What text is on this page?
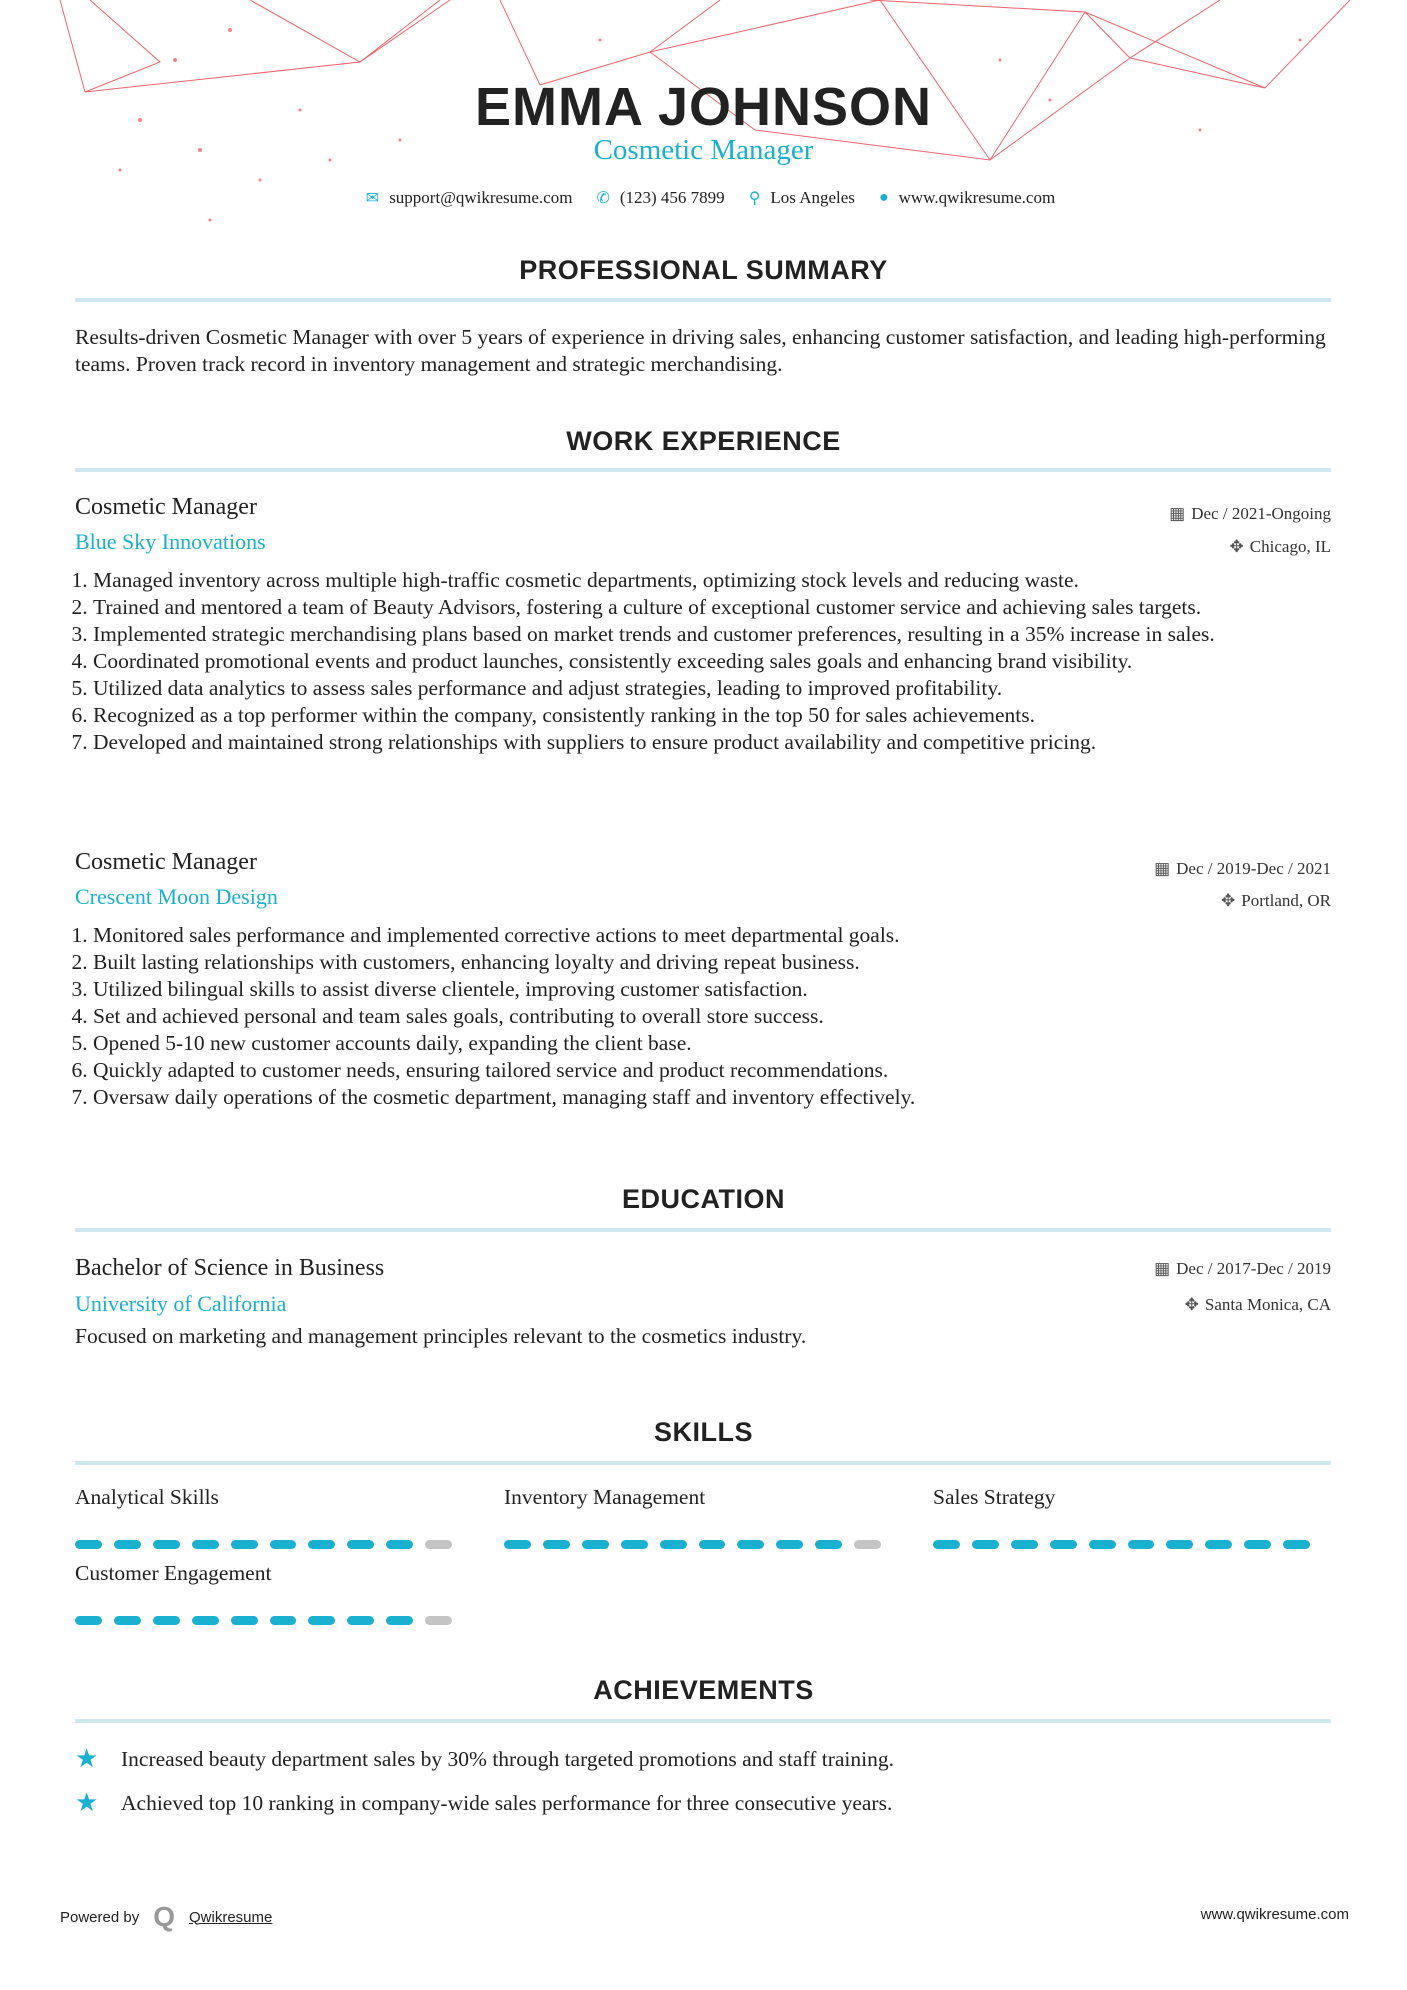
EMMA JOHNSON
Cosmetic Manager
✉ support@qwikresume.com ✆ (123) 456 7899 ⚲ Los Angeles ● www.qwikresume.com
PROFESSIONAL SUMMARY
Results-driven Cosmetic Manager with over 5 years of experience in driving sales, enhancing customer satisfaction, and leading high-performing teams. Proven track record in inventory management and strategic merchandising.
WORK EXPERIENCE
Cosmetic Manager
Blue Sky Innovations
▦ Dec / 2021-Ongoing
✥ Chicago, IL
1. Managed inventory across multiple high-traffic cosmetic departments, optimizing stock levels and reducing waste.
2. Trained and mentored a team of Beauty Advisors, fostering a culture of exceptional customer service and achieving sales targets.
3. Implemented strategic merchandising plans based on market trends and customer preferences, resulting in a 35% increase in sales.
4. Coordinated promotional events and product launches, consistently exceeding sales goals and enhancing brand visibility.
5. Utilized data analytics to assess sales performance and adjust strategies, leading to improved profitability.
6. Recognized as a top performer within the company, consistently ranking in the top 50 for sales achievements.
7. Developed and maintained strong relationships with suppliers to ensure product availability and competitive pricing.
Cosmetic Manager
Crescent Moon Design
▦ Dec / 2019-Dec / 2021
✥ Portland, OR
1. Monitored sales performance and implemented corrective actions to meet departmental goals.
2. Built lasting relationships with customers, enhancing loyalty and driving repeat business.
3. Utilized bilingual skills to assist diverse clientele, improving customer satisfaction.
4. Set and achieved personal and team sales goals, contributing to overall store success.
5. Opened 5-10 new customer accounts daily, expanding the client base.
6. Quickly adapted to customer needs, ensuring tailored service and product recommendations.
7. Oversaw daily operations of the cosmetic department, managing staff and inventory effectively.
EDUCATION
Bachelor of Science in Business
University of California
Focused on marketing and management principles relevant to the cosmetics industry.
▦ Dec / 2017-Dec / 2019
✥ Santa Monica, CA
SKILLS
Analytical Skills	Inventory Management	Sales Strategy
Customer Engagement
ACHIEVEMENTS
★	Increased beauty department sales by 30% through targeted promotions and staff training.
★	Achieved top 10 ranking in company-wide sales performance for three consecutive years.
Powered by Q Qwikresume	www.qwikresume.com
